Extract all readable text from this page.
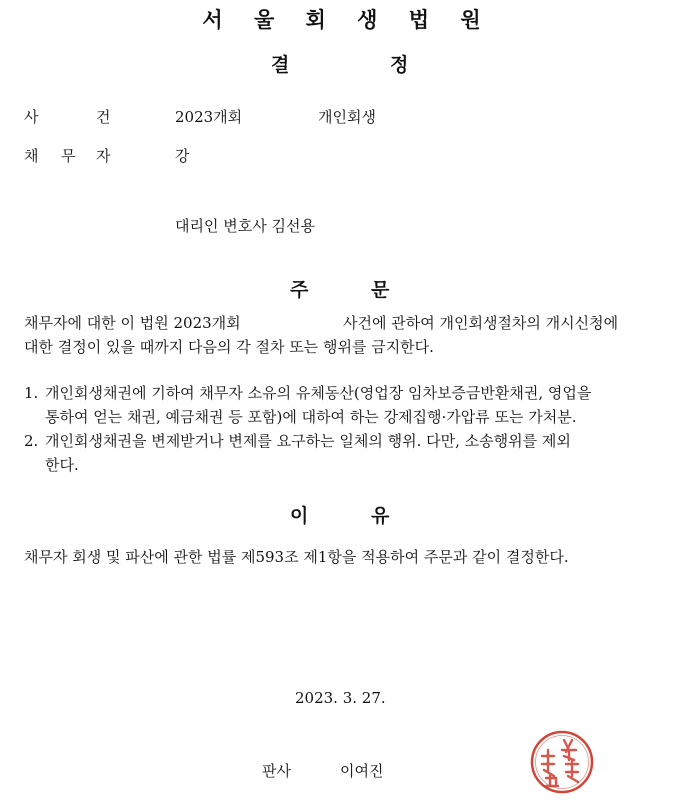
서 울 회 생 법 원
결	정
사	건	2023개회	개인회생
채 무 자	강
대리인 변호사 김선용
주	문
채무자에 대한 이 법원 2023개회	사건에 관하여 개인회생절차의 개시신청에
대한 결정이 있을 때까지 다음의 각 절차 또는 행위를 금지한다.
1. 개인회생채권에 기하여 채무자 소유의 유체동산(영업장 임차보증금반환채권, 영업을
통하여 얻는 채권, 예금채권 등 포함)에 대하여 하는 강제집행·가압류 또는 가처분.
2. 개인회생채권을 변제받거나 변제를 요구하는 일체의 행위. 다만, 소송행위를 제외
한다.
이	유
채무자 회생 및 파산에 관한 법률 제593조 제1항을 적용하여 주문과 같이 결정한다.
2023. 3. 27.
판사	이여진
